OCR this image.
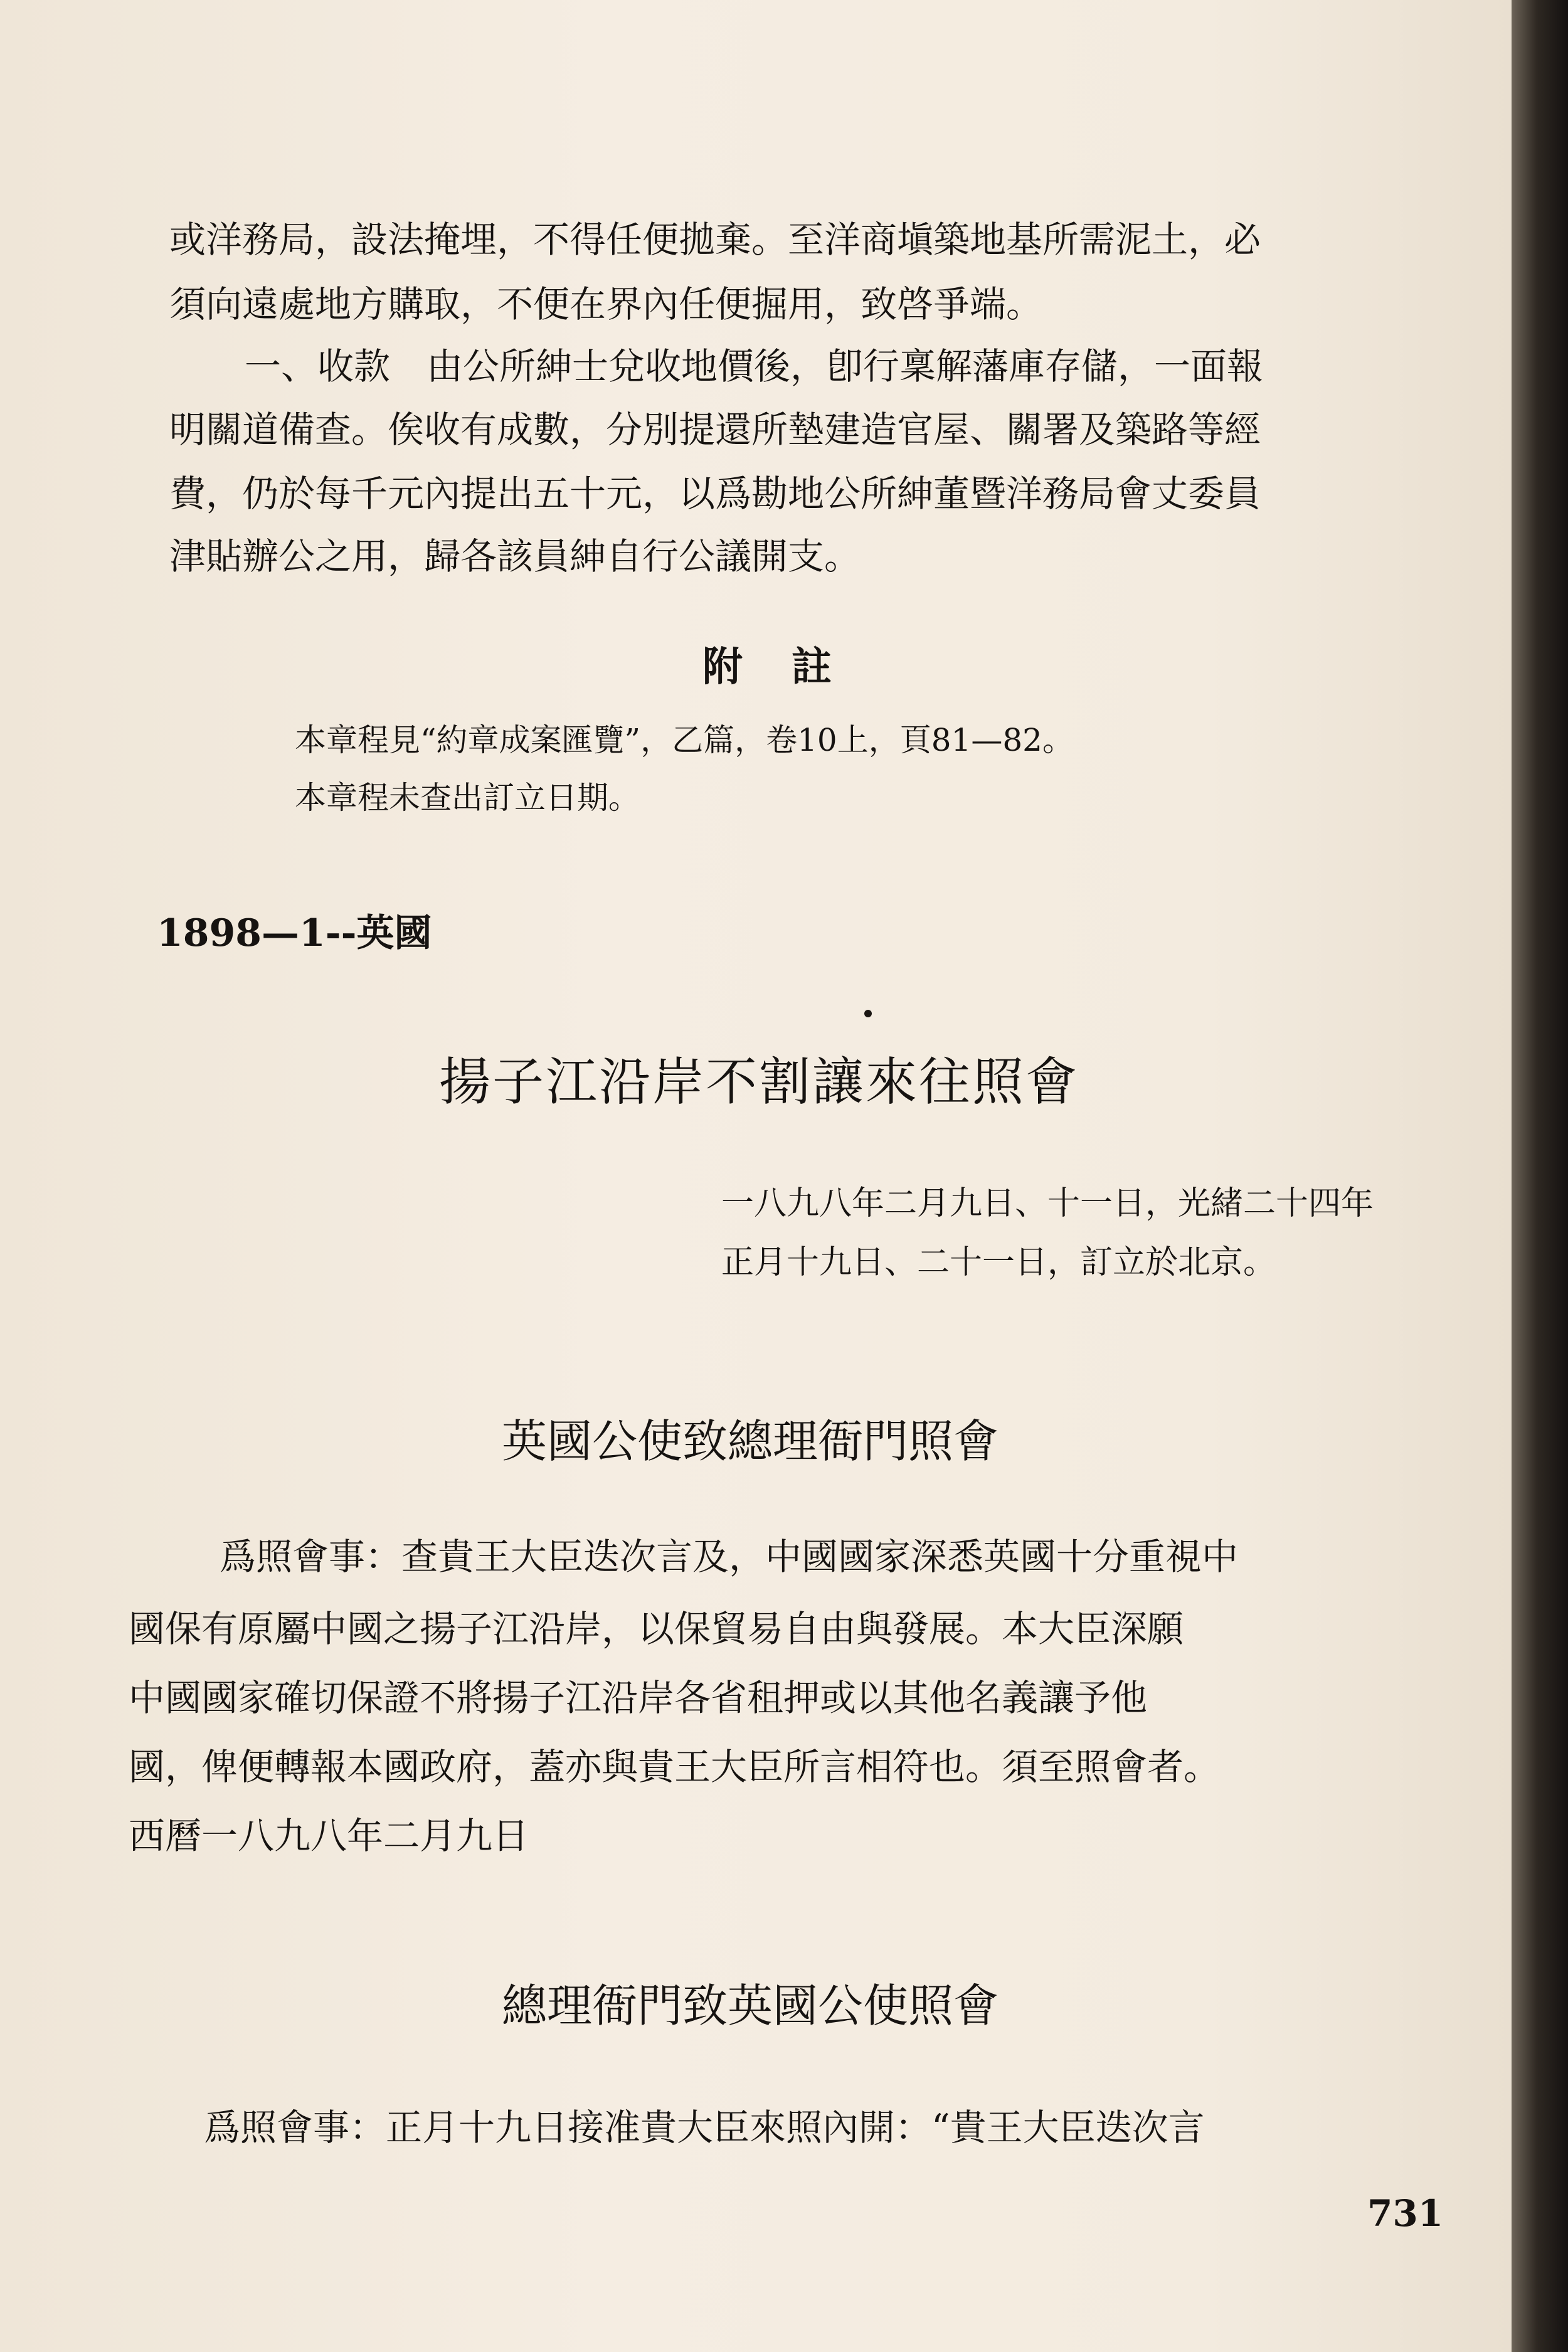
或洋務局，設法掩埋，不得任便拋棄。至洋商塡築地基所需泥土，必
須向遠處地方購取，不便在界內任便掘用，致啓爭端。
一、收款　由公所紳士兌收地價後，卽行稟解藩庫存儲，一面報
明關道備查。俟收有成數，分別提還所墊建造官屋、關署及築路等經
費，仍於每千元內提出五十元，以爲勘地公所紳董暨洋務局會丈委員
津貼辦公之用，歸各該員紳自行公議開支。
附註
本章程見“約章成案匯覽”，乙篇，卷10上，頁81—82。
本章程未查出訂立日期。
1898—1--英國
揚子江沿岸不割讓來往照會
一八九八年二月九日、十一日，光緒二十四年
正月十九日、二十一日，訂立於北京。
英國公使致總理衙門照會
爲照會事：查貴王大臣迭次言及，中國國家深悉英國十分重視中
國保有原屬中國之揚子江沿岸，以保貿易自由與發展。本大臣深願
中國國家確切保證不將揚子江沿岸各省租押或以其他名義讓予他
國，俾便轉報本國政府，蓋亦與貴王大臣所言相符也。須至照會者。
西曆一八九八年二月九日
總理衙門致英國公使照會
爲照會事：正月十九日接准貴大臣來照內開：“貴王大臣迭次言
731
